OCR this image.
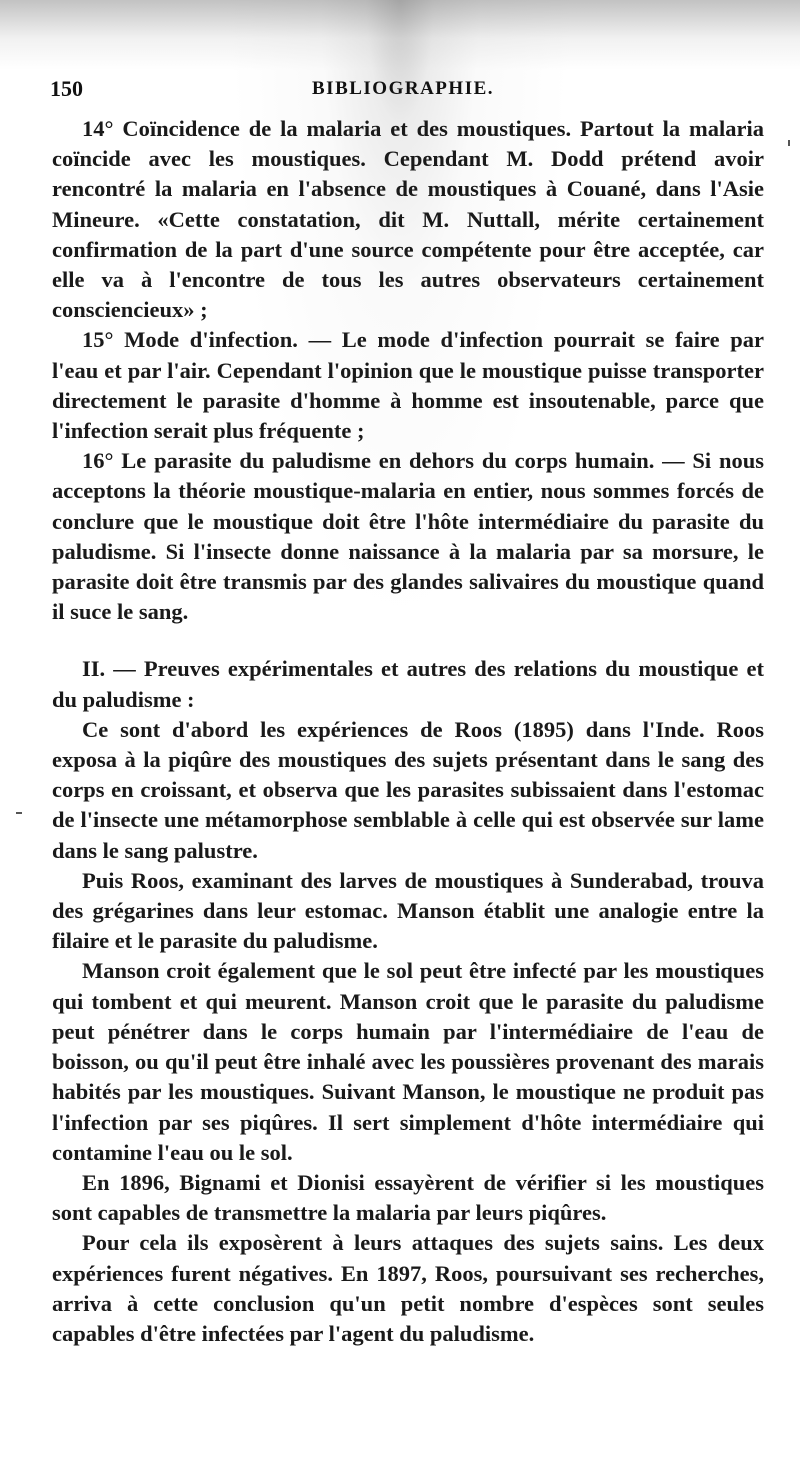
150	BIBLIOGRAPHIE.

14° Coïncidence de la malaria et des moustiques. Partout la malaria coïncide avec les moustiques. Cependant M. Dodd prétend avoir rencontré la malaria en l'absence de moustiques à Couané, dans l'Asie Mineure. «Cette constatation, dit M. Nuttall, mérite certainement confirmation de la part d'une source compétente pour être acceptée, car elle va à l'encontre de tous les autres observateurs certainement consciencieux» ;

15° Mode d'infection. — Le mode d'infection pourrait se faire par l'eau et par l'air. Cependant l'opinion que le moustique puisse transporter directement le parasite d'homme à homme est insoutenable, parce que l'infection serait plus fréquente ;

16° Le parasite du paludisme en dehors du corps humain. — Si nous acceptons la théorie moustique-malaria en entier, nous sommes forcés de conclure que le moustique doit être l'hôte intermédiaire du parasite du paludisme. Si l'insecte donne naissance à la malaria par sa morsure, le parasite doit être transmis par des glandes salivaires du moustique quand il suce le sang.

II. — Preuves expérimentales et autres des relations du moustique et du paludisme :

Ce sont d'abord les expériences de Roos (1895) dans l'Inde. Roos exposa à la piqûre des moustiques des sujets présentant dans le sang des corps en croissant, et observa que les parasites subissaient dans l'estomac de l'insecte une métamorphose semblable à celle qui est observée sur lame dans le sang palustre.

Puis Roos, examinant des larves de moustiques à Sunderabad, trouva des grégarines dans leur estomac. Manson établit une analogie entre la filaire et le parasite du paludisme.

Manson croit également que le sol peut être infecté par les moustiques qui tombent et qui meurent. Manson croit que le parasite du paludisme peut pénétrer dans le corps humain par l'intermédiaire de l'eau de boisson, ou qu'il peut être inhalé avec les poussières provenant des marais habités par les moustiques. Suivant Manson, le moustique ne produit pas l'infection par ses piqûres. Il sert simplement d'hôte intermédiaire qui contamine l'eau ou le sol.

En 1896, Bignami et Dionisi essayèrent de vérifier si les moustiques sont capables de transmettre la malaria par leurs piqûres.

Pour cela ils exposèrent à leurs attaques des sujets sains. Les deux expériences furent négatives. En 1897, Roos, poursuivant ses recherches, arriva à cette conclusion qu'un petit nombre d'espèces sont seules capables d'être infectées par l'agent du paludisme.
